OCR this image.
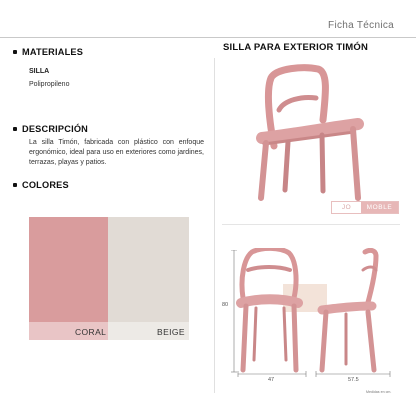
Ficha Técnica
MATERIALES
SILLA
Polipropileno
DESCRIPCIÓN
La silla Timón, fabricada con plástico con enfoque ergonómico, ideal para uso en exteriores como jardines, terrazas, playas y patios.
COLORES
CORAL	BEIGE
SILLA PARA EXTERIOR TIMÓN
JO	MOBLE
80
47	57.5
Medidas en cm.
